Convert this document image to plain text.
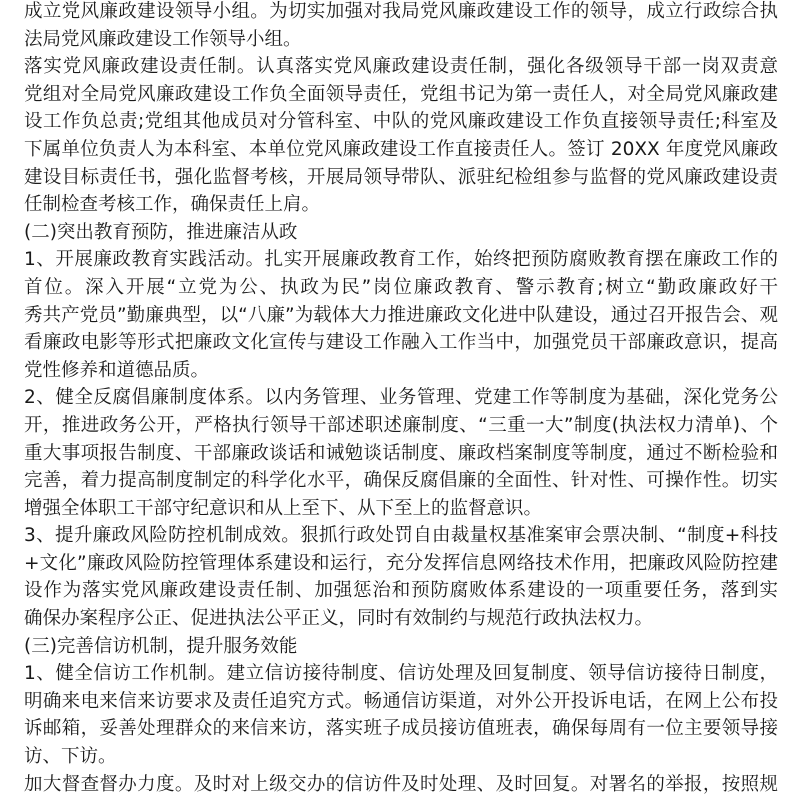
成立党风廉政建设领导小组。为切实加强对我局党风廉政建设工作的领导，成立行政综合执
法局党风廉政建设工作领导小组。
落实党风廉政建设责任制。认真落实党风廉政建设责任制，强化各级领导干部一岗双责意
党组对全局党风廉政建设工作负全面领导责任，党组书记为第一责任人，对全局党风廉政建
设工作负总责;党组其他成员对分管科室、中队的党风廉政建设工作负直接领导责任;科室及
下属单位负责人为本科室、本单位党风廉政建设工作直接责任人。签订 20XX 年度党风廉政
建设目标责任书，强化监督考核，开展局领导带队、派驻纪检组参与监督的党风廉政建设责
任制检查考核工作，确保责任上肩。
(二)突出教育预防，推进廉洁从政
1、开展廉政教育实践活动。扎实开展廉政教育工作，始终把预防腐败教育摆在廉政工作的
首位。深入开展“立党为公、执政为民”岗位廉政教育、警示教育;树立“勤政廉政好干
秀共产党员”勤廉典型，以“八廉”为载体大力推进廉政文化进中队建设，通过召开报告会、观
看廉政电影等形式把廉政文化宣传与建设工作融入工作当中，加强党员干部廉政意识，提高
党性修养和道德品质。
2、健全反腐倡廉制度体系。以内务管理、业务管理、党建工作等制度为基础，深化党务公
开，推进政务公开，严格执行领导干部述职述廉制度、“三重一大”制度(执法权力清单)、个
重大事项报告制度、干部廉政谈话和诫勉谈话制度、廉政档案制度等制度，通过不断检验和
完善，着力提高制度制定的科学化水平，确保反腐倡廉的全面性、针对性、可操作性。切实
增强全体职工干部守纪意识和从上至下、从下至上的监督意识。
3、提升廉政风险防控机制成效。狠抓行政处罚自由裁量权基准案审会票决制、“制度+科技
+文化”廉政风险防控管理体系建设和运行，充分发挥信息网络技术作用，把廉政风险防控建
设作为落实党风廉政建设责任制、加强惩治和预防腐败体系建设的一项重要任务，落到实
确保办案程序公正、促进执法公平正义，同时有效制约与规范行政执法权力。
(三)完善信访机制，提升服务效能
1、健全信访工作机制。建立信访接待制度、信访处理及回复制度、领导信访接待日制度，
明确来电来信来访要求及责任追究方式。畅通信访渠道，对外公开投诉电话，在网上公布投
诉邮箱，妥善处理群众的来信来访，落实班子成员接访值班表，确保每周有一位主要领导接
访、下访。
加大督查督办力度。及时对上级交办的信访件及时处理、及时回复。对署名的举报，按照规
